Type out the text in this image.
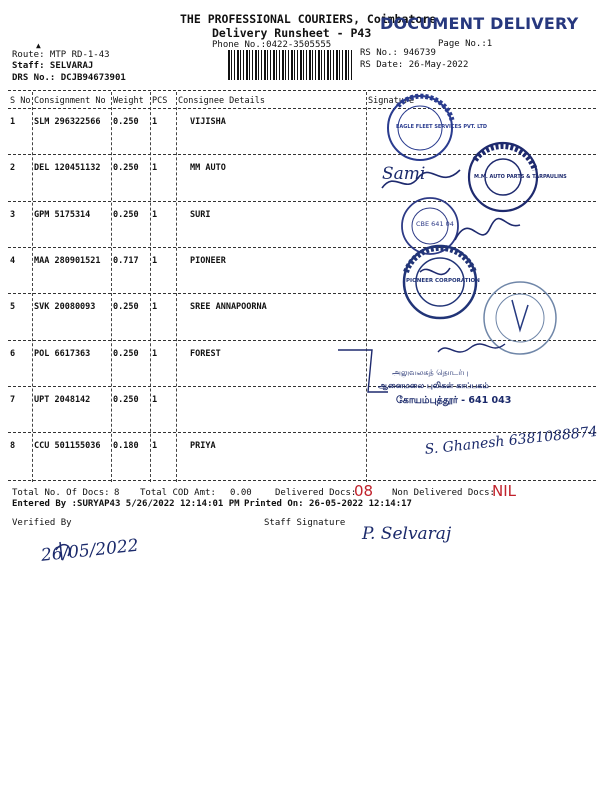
THE PROFESSIONAL COURIERS, Coimbatore
Delivery Runsheet - P43 DOCUMENT DELIVERY
Phone No.:0422-3505555	Page No.:1
▲
Route: MTP RD-1-43
Staff: SELVARAJ
DRS No.: DCJB94673901
RS No.: 946739
RS Date: 26-May-2022
S No Consignment No Weight PCS Consignee Details	Signature
1 SLM 296322566 0.250 1	VIJISHA
2 DEL 120451132 0.250 1	MM AUTO
3 GPM 5175314	0.250 1	SURI
4 MAA 280901521 0.717 1	PIONEER
5 SVK 20080093 0.250 1	SREE ANNAPOORNA
6 POL 6617363	0.250 1	FOREST
7 UPT 2048142	0.250 1
8 CCU 501155036 0.180 1	PRIYA
EAGLE FLEET SERVICES PVT. LTD
M.M. AUTO PARTS & TARPAULINS
CBE 641 04
PIONEER CORPORATION
Sami
அலுவலகத் தொடர்பு
ஆனைமலை புலிகள் காப்பகம்
கோயம்புத்தூர் - 641 043
S. Ghanesh 6381088874
Total No. Of Docs: 8 Total COD Amt: 0.00	Delivered Docs:
08 Non Delivered Docs:
NIL
Entered By :SURYAP43 5/26/2022 12:14:01 PM Printed On: 26-05-2022 12:14:17
Verified By	Staff Signature
26/05/2022
P. Selvaraj
